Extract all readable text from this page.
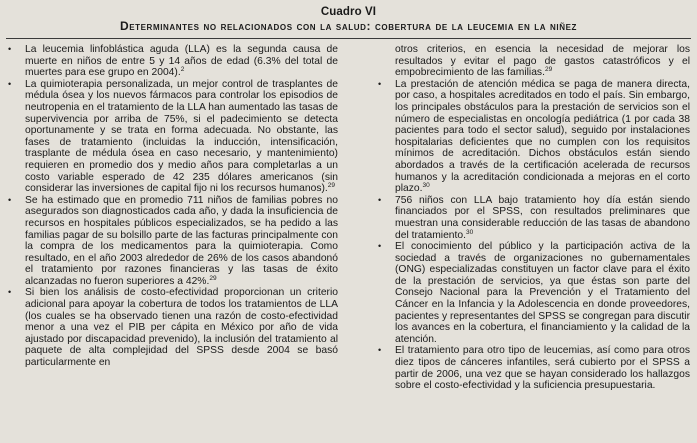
Cuadro VI
Determinantes no relacionados con la salud: cobertura de la leucemia en la niñez
• La leucemia linfoblástica aguda (LLA) es la segunda causa de muerte en niños de entre 5 y 14 años de edad (6.3% del total de muertes para ese grupo en 2004).$^2$
• La quimioterapia personalizada, un mejor control de trasplantes de médula ósea y los nuevos fármacos para controlar los episodios de neutropenia en el tratamiento de la LLA han aumentado las tasas de supervivencia por arriba de 75%, si el padecimiento se detecta oportunamente y se trata en forma adecuada. No obstante, las fases de tratamiento (incluidas la inducción, intensificación, trasplante de médula ósea en caso necesario, y mantenimiento) requieren en promedio dos y medio años para completarlas a un costo variable esperado de 42 235 dólares americanos (sin considerar las inversiones de capital fijo ni los recursos humanos).$^{29}$
• Se ha estimado que en promedio 711 niños de familias pobres no asegurados son diagnosticados cada año, y dada la insuficiencia de recursos en hospitales públicos especializados, se ha pedido a las familias pagar de su bolsillo parte de las facturas principalmente con la compra de los medicamentos para la quimioterapia. Como resultado, en el año 2003 alrededor de 26% de los casos abandonó el tratamiento por razones financieras y las tasas de éxito alcanzadas no fueron superiores a 42%.$^{29}$
• Si bien los análisis de costo-efectividad proporcionan un criterio adicional para apoyar la cobertura de todos los tratamientos de LLA (los cuales se ha observado tienen una razón de costo-efectividad menor a una vez el PIB per cápita en México por año de vida ajustado por discapacidad prevenido), la inclusión del tratamiento al paquete de alta complejidad del SPSS desde 2004 se basó particularmente en
otros criterios, en esencia la necesidad de mejorar los resultados y evitar el pago de gastos catastróficos y el empobrecimiento de las familias.$^{29}$
• La prestación de atención médica se paga de manera directa, por caso, a hospitales acreditados en todo el país. Sin embargo, los principales obstáculos para la prestación de servicios son el número de especialistas en oncología pediátrica (1 por cada 38 pacientes para todo el sector salud), seguido por instalaciones hospitalarias deficientes que no cumplen con los requisitos mínimos de acreditación. Dichos obstáculos están siendo abordados a través de la certificación acelerada de recursos humanos y la acreditación condicionada a mejoras en el corto plazo.$^{30}$
• 756 niños con LLA bajo tratamiento hoy día están siendo financiados por el SPSS, con resultados preliminares que muestran una considerable reducción de las tasas de abandono del tratamiento.$^{30}$
• El conocimiento del público y la participación activa de la sociedad a través de organizaciones no gubernamentales (ONG) especializadas constituyen un factor clave para el éxito de la prestación de servicios, ya que éstas son parte del Consejo Nacional para la Prevención y el Tratamiento del Cáncer en la Infancia y la Adolescencia en donde proveedores, pacientes y representantes del SPSS se congregan para discutir los avances en la cobertura, el financiamiento y la calidad de la atención.
• El tratamiento para otro tipo de leucemias, así como para otros diez tipos de cánceres infantiles, será cubierto por el SPSS a partir de 2006, una vez que se hayan considerado los hallazgos sobre el costo-efectividad y la suficiencia presupuestaria.
